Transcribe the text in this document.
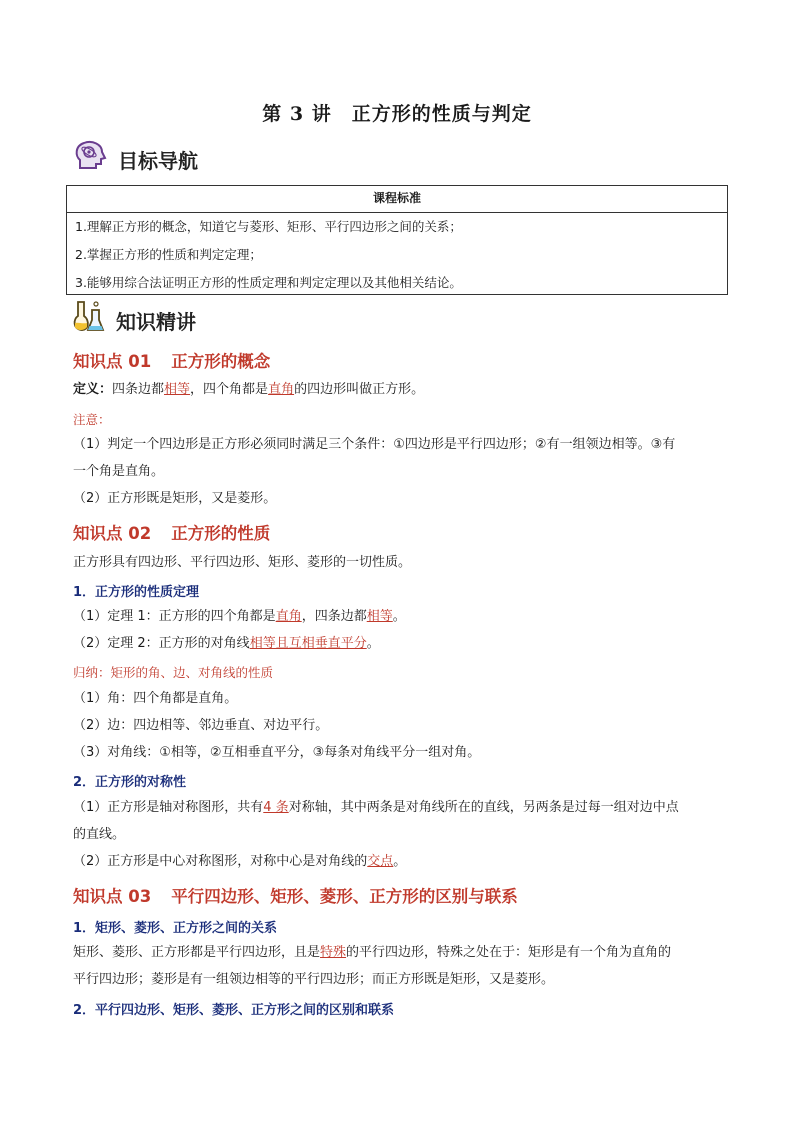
第 3 讲　正方形的性质与判定
目标导航
课程标准
1.理解正方形的概念，知道它与菱形、矩形、平行四边形之间的关系；
2.掌握正方形的性质和判定定理；
3.能够用综合法证明正方形的性质定理和判定定理以及其他相关结论。
知识精讲
知识点 01 正方形的概念
定义：四条边都相等，四个角都是直角的四边形叫做正方形。
注意：
（1）判定一个四边形是正方形必须同时满足三个条件：①四边形是平行四边形；②有一组领边相等。③有
一个角是直角。
（2）正方形既是矩形，又是菱形。
知识点 02 正方形的性质
正方形具有四边形、平行四边形、矩形、菱形的一切性质。
1．正方形的性质定理
（1）定理 1：正方形的四个角都是直角，四条边都相等。
（2）定理 2：正方形的对角线相等且互相垂直平分。
归纳：矩形的角、边、对角线的性质
（1）角：四个角都是直角。
（2）边：四边相等、邻边垂直、对边平行。
（3）对角线：①相等，②互相垂直平分，③每条对角线平分一组对角。
2．正方形的对称性
（1）正方形是轴对称图形，共有4 条对称轴，其中两条是对角线所在的直线，另两条是过每一组对边中点
的直线。
（2）正方形是中心对称图形，对称中心是对角线的交点。
知识点 03 平行四边形、矩形、菱形、正方形的区别与联系
1．矩形、菱形、正方形之间的关系
矩形、菱形、正方形都是平行四边形，且是特殊的平行四边形，特殊之处在于：矩形是有一个角为直角的
平行四边形；菱形是有一组领边相等的平行四边形；而正方形既是矩形，又是菱形。
2．平行四边形、矩形、菱形、正方形之间的区别和联系
